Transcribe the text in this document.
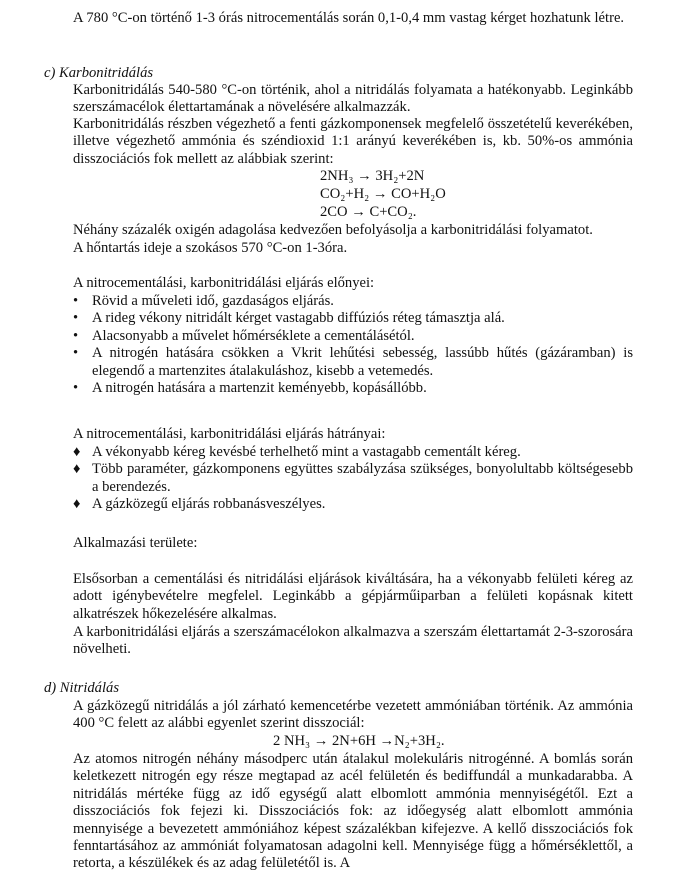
A 780 °C-on történő 1-3 órás nitrocementálás során 0,1-0,4 mm vastag kérget hozhatunk létre.

c) Karbonitridálás

Karbonitridálás 540-580 °C-on történik, ahol a nitridálás folyamata a hatékonyabb. Leginkább szerszámacélok élettartamának a növelésére alkalmazzák.

Karbonitridálás részben végezhető a fenti gázkomponensek megfelelő összetételű keverékében, illetve végezhető ammónia és széndioxid 1:1 arányú keverékében is, kb. 50%-os ammónia disszociációs fok mellett az alábbiak szerint:

2NH₃ → 3H₂+2N

CO₂+H₂ → CO+H₂O

2CO → C+CO₂.

Néhány százalék oxigén adagolása kedvezően befolyásolja a karbonitridálási folyamatot.

A hőntartás ideje a szokásos 570 °C-on 1-3óra.

A nitrocementálási, karbonitridálási eljárás előnyei:

• Rövid a műveleti idő, gazdaságos eljárás.
• A rideg vékony nitridált kérget vastagabb diffúziós réteg támasztja alá.
• Alacsonyabb a művelet hőmérséklete a cementálásétól.
• A nitrogén hatására csökken a Vkrit lehűtési sebesség, lassúbb hűtés (gázáramban) is elegendő a martenzites átalakuláshoz, kisebb a vetemedés.
• A nitrogén hatására a martenzit keményebb, kopásállóbb.

A nitrocementálási, karbonitridálási eljárás hátrányai:

♦ A vékonyabb kéreg kevésbé terhelhető mint a vastagabb cementált kéreg.
♦ Több paraméter, gázkomponens együttes szabályzása szükséges, bonyolultabb költségesebb a berendezés.
♦ A gázközegű eljárás robbanásveszélyes.

Alkalmazási területe:

Elsősorban a cementálási és nitridálási eljárások kiváltására, ha a vékonyabb felületi kéreg az adott igénybevételre megfelel. Leginkább a gépjárműiparban a felületi kopásnak kitett alkatrészek hőkezelésére alkalmas.

A karbonitridálási eljárás a szerszámacélokon alkalmazva a szerszám élettartamát 2-3-szorosára növelheti.

d) Nitridálás

A gázközegű nitridálás a jól zárható kemencetérbe vezetett ammóniában történik. Az ammónia 400 °C felett az alábbi egyenlet szerint disszociál:

2 NH₃ → 2N+6H →N₂+3H₂.

Az atomos nitrogén néhány másodperc után átalakul molekuláris nitrogénné. A bomlás során keletkezett nitrogén egy része megtapad az acél felületén és bediffundál a munkadarabba. A nitridálás mértéke függ az idő egységű alatt elbomlott ammónia mennyiségétől. Ezt a disszociációs fok fejezi ki. Disszociációs fok: az időegység alatt elbomlott ammónia mennyisége a bevezetett ammóniához képest százalékban kifejezve. A kellő disszociációs fok fenntartásához az ammóniát folyamatosan adagolni kell. Mennyisége függ a hőmérséklettől, a retorta, a készülékek és az adag felületétől is. A
